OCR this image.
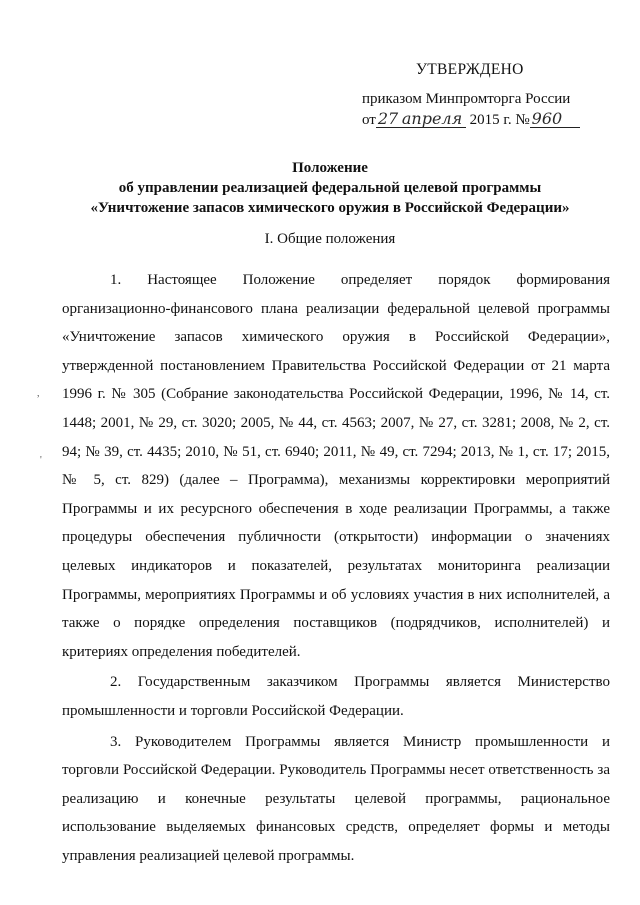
УТВЕРЖДЕНО
приказом Минпромторга России
от 27 апреля 2015 г. № 960
Положение
об управлении реализацией федеральной целевой программы
«Уничтожение запасов химического оружия в Российской Федерации»
I. Общие положения

1. Настоящее Положение определяет порядок формирования организационно-финансового плана реализации федеральной целевой программы «Уничтожение запасов химического оружия в Российской Федерации», утвержденной постановлением Правительства Российской Федерации от 21 марта 1996 г. № 305 (Собрание законодательства Российской Федерации, 1996, № 14, ст. 1448; 2001, № 29, ст. 3020; 2005, № 44, ст. 4563; 2007, № 27, ст. 3281; 2008, № 2, ст. 94; № 39, ст. 4435; 2010, № 51, ст. 6940; 2011, № 49, ст. 7294; 2013, № 1, ст. 17; 2015, № 5, ст. 829) (далее – Программа), механизмы корректировки мероприятий Программы и их ресурсного обеспечения в ходе реализации Программы, а также процедуры обеспечения публичности (открытости) информации о значениях целевых индикаторов и показателей, результатах мониторинга реализации Программы, мероприятиях Программы и об условиях участия в них исполнителей, а также о порядке определения поставщиков (подрядчиков, исполнителей) и критериях определения победителей.

2. Государственным заказчиком Программы является Министерство промышленности и торговли Российской Федерации.

3. Руководителем Программы является Министр промышленности и торговли Российской Федерации. Руководитель Программы несет ответственность за реализацию и конечные результаты целевой программы, рациональное использование выделяемых финансовых средств, определяет формы и методы управления реализацией целевой программы.

,
'
